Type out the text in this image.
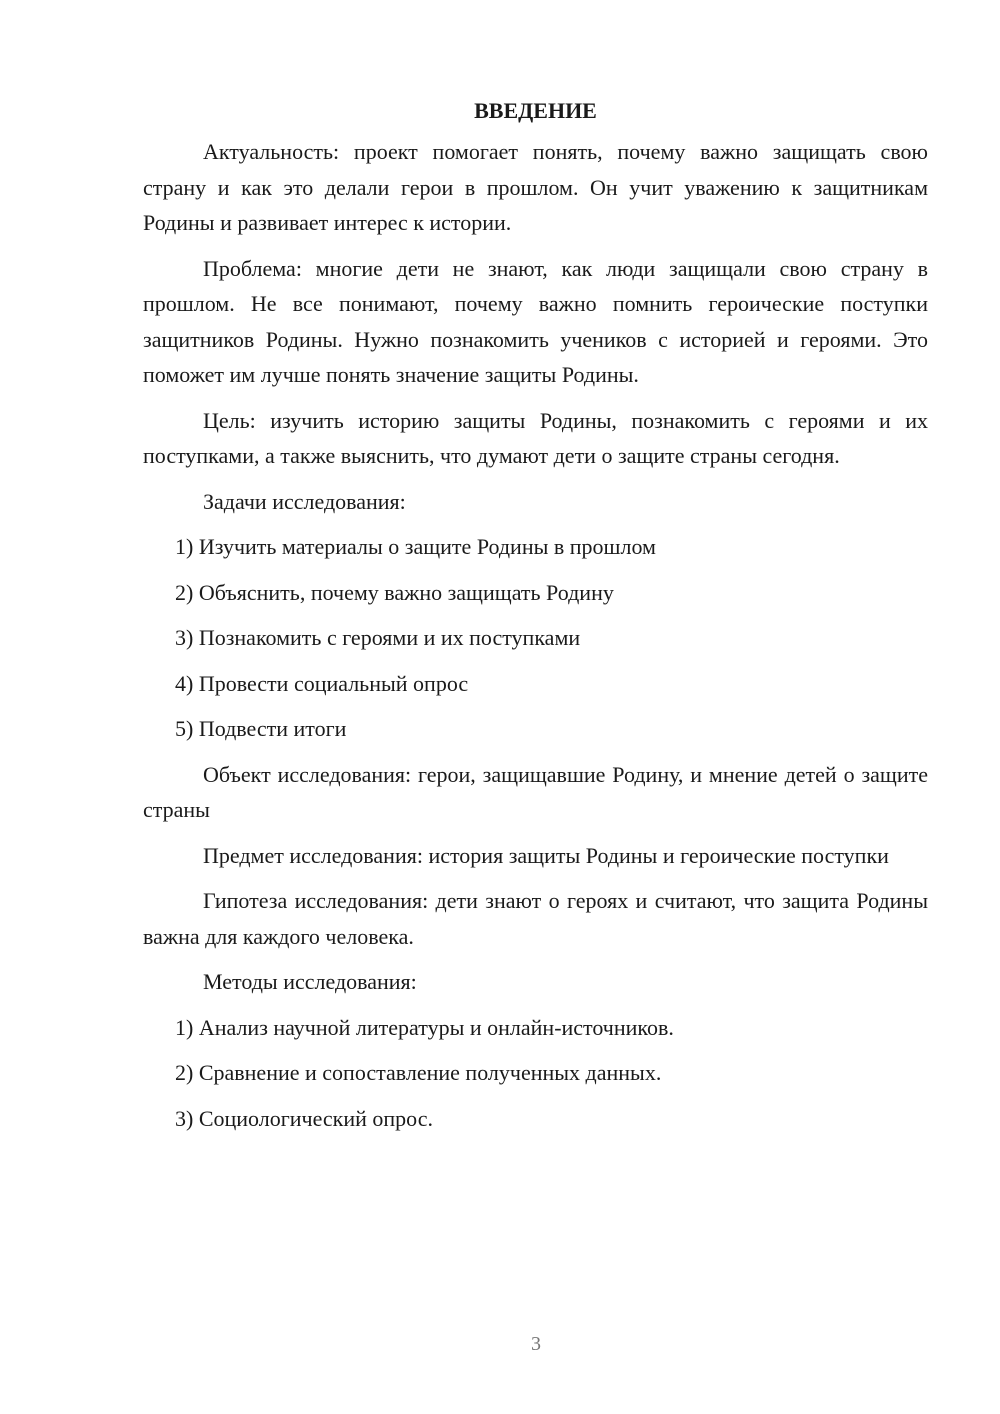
ВВЕДЕНИЕ

Актуальность: проект помогает понять, почему важно защищать свою страну и как это делали герои в прошлом. Он учит уважению к защитникам Родины и развивает интерес к истории.

Проблема: многие дети не знают, как люди защищали свою страну в прошлом. Не все понимают, почему важно помнить героические поступки защитников Родины. Нужно познакомить учеников с историей и героями. Это поможет им лучше понять значение защиты Родины.

Цель: изучить историю защиты Родины, познакомить с героями и их поступками, а также выяснить, что думают дети о защите страны сегодня.

Задачи исследования:

1) Изучить материалы о защите Родины в прошлом
2) Объяснить, почему важно защищать Родину
3) Познакомить с героями и их поступками
4) Провести социальный опрос
5) Подвести итоги

Объект исследования: герои, защищавшие Родину, и мнение детей о защите страны

Предмет исследования: история защиты Родины и героические поступки

Гипотеза исследования: дети знают о героях и считают, что защита Родины важна для каждого человека.

Методы исследования:

1) Анализ научной литературы и онлайн-источников.
2) Сравнение и сопоставление полученных данных.
3) Социологический опрос.
3
